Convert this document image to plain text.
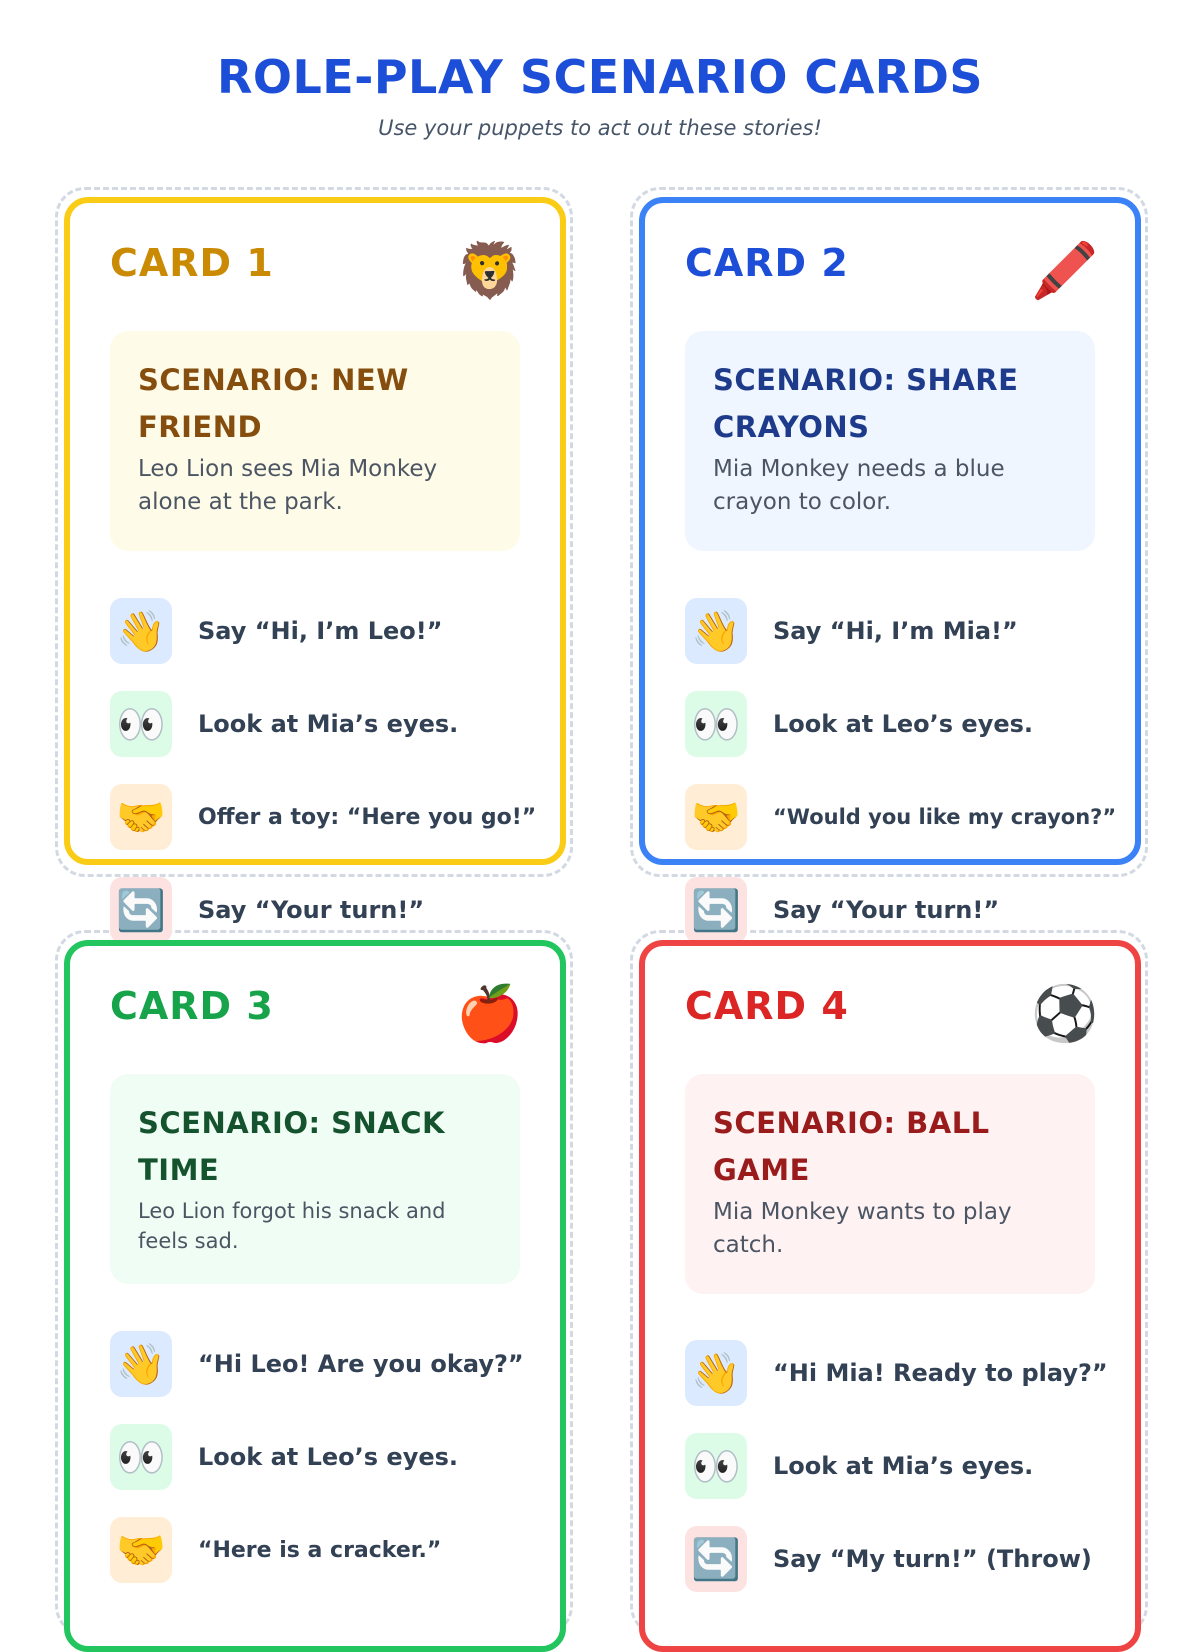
ROLE-PLAY SCENARIO CARDS
Use your puppets to act out these stories!
CARD 1	🦁
SCENARIO: NEW FRIEND
Leo Lion sees Mia Monkey alone at the park.
👋 Say “Hi, I’m Leo!”
👀 Look at Mia’s eyes.
🤝 Offer a toy: “Here you go!”
🔄 Say “Your turn!”
CARD 2	🖍️
SCENARIO: SHARE CRAYONS
Mia Monkey needs a blue crayon to color.
👋 Say “Hi, I’m Mia!”
👀 Look at Leo’s eyes.
🤝 “Would you like my crayon?”
🔄 Say “Your turn!”
CARD 3	🍎
SCENARIO: SNACK TIME
Leo Lion forgot his snack and feels sad.
👋 “Hi Leo! Are you okay?”
👀 Look at Leo’s eyes.
🤝 “Here is a cracker.”
CARD 4	⚽
SCENARIO: BALL GAME
Mia Monkey wants to play catch.
👋 “Hi Mia! Ready to play?”
👀 Look at Mia’s eyes.
🔄 Say “My turn!” (Throw)
